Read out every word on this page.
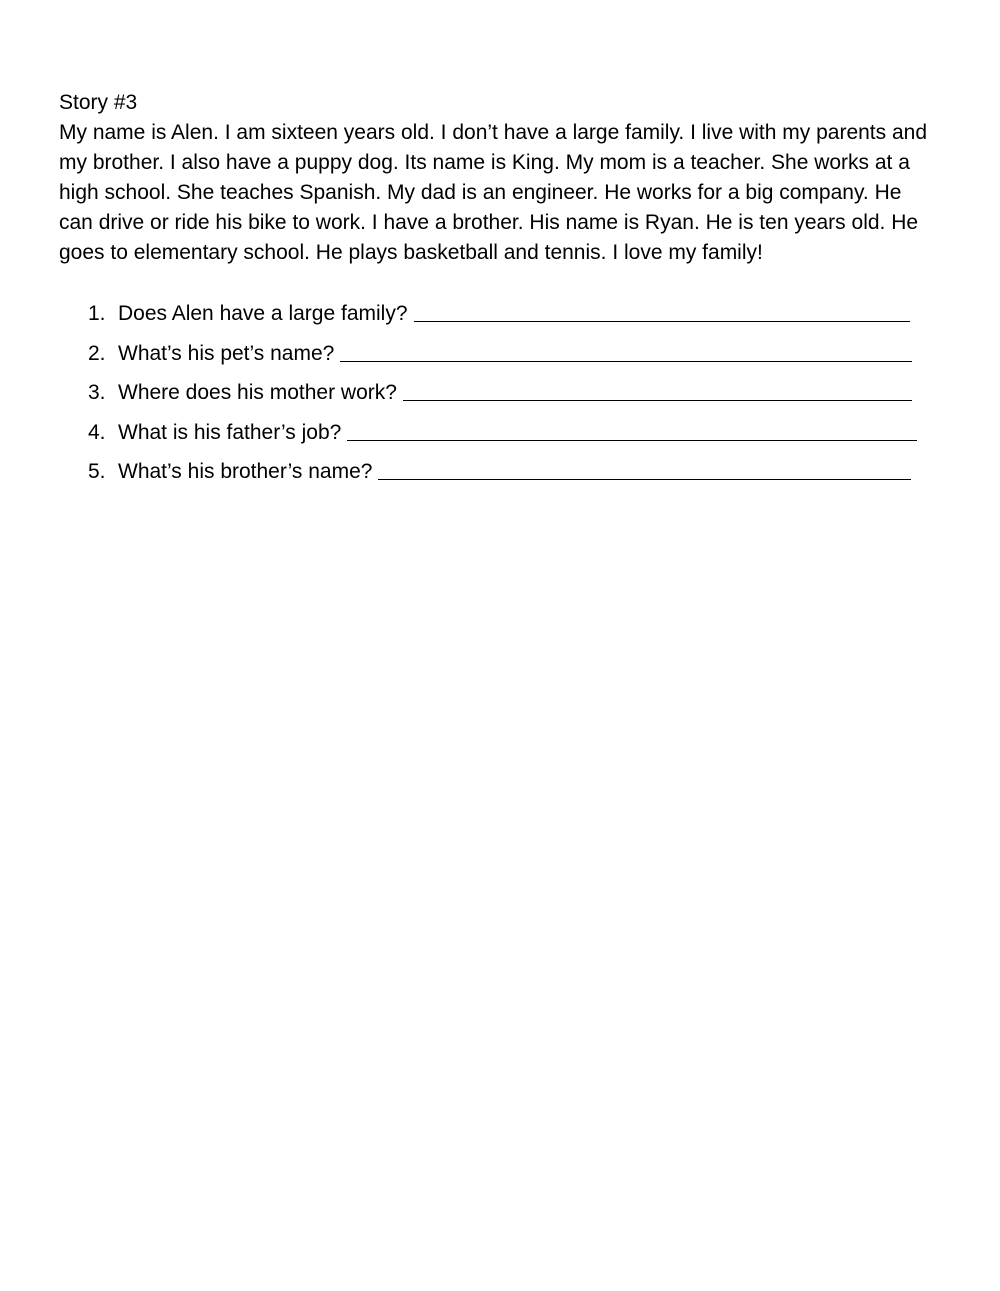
Story #3

My name is Alen. I am sixteen years old. I don’t have a large family. I live with my parents and my brother. I also have a puppy dog. Its name is King. My mom is a teacher. She works at a high school. She teaches Spanish. My dad is an engineer. He works for a big company. He can drive or ride his bike to work. I have a brother. His name is Ryan. He is ten years old. He goes to elementary school. He plays basketball and tennis. I love my family!

1. Does Alen have a large family?
2. What’s his pet’s name?
3. Where does his mother work?
4. What is his father’s job?
5. What’s his brother’s name?
